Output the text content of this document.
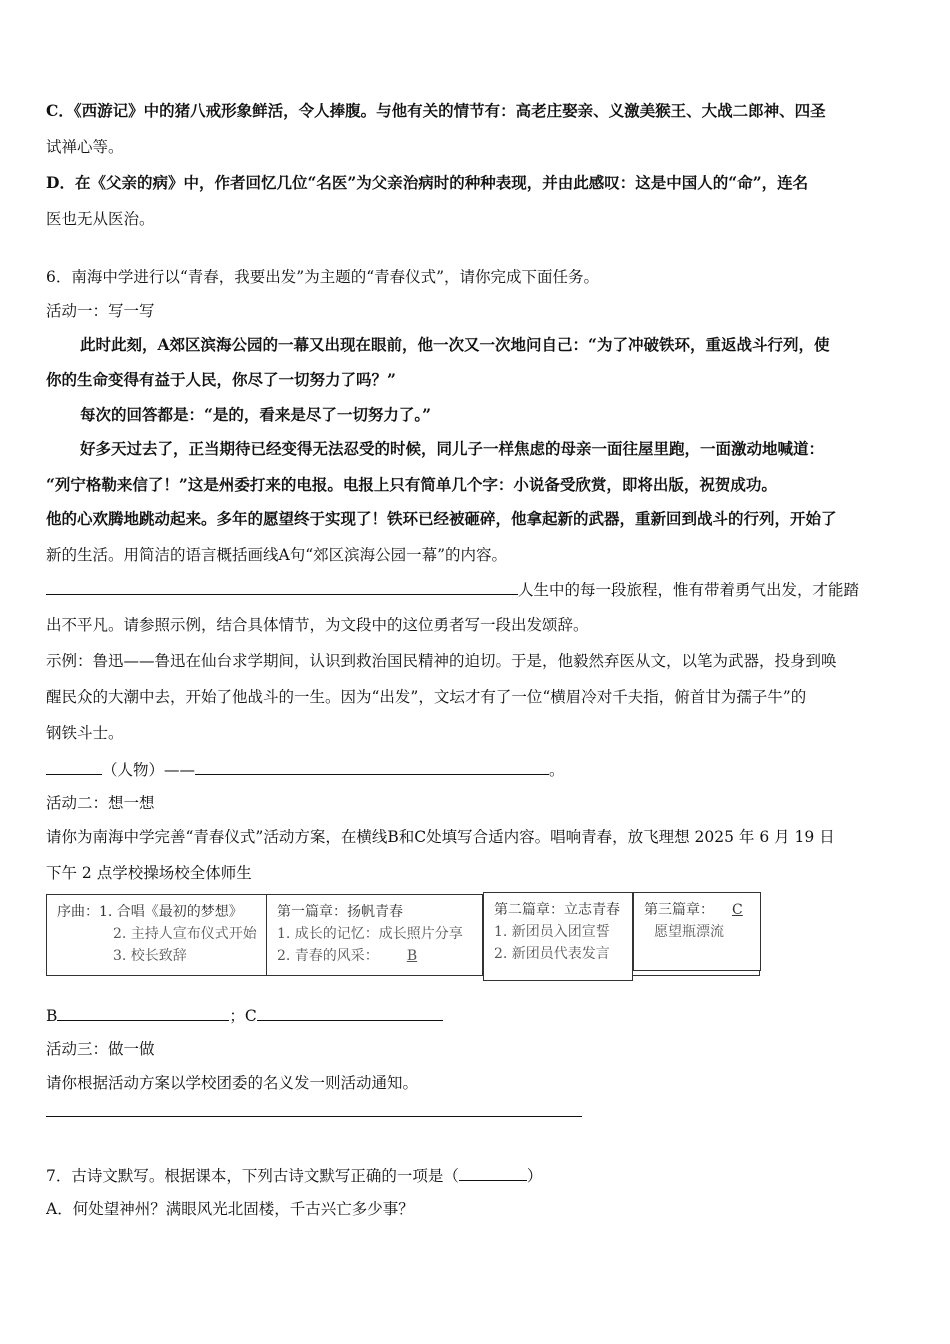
C．《西游记》中的猪八戒形象鲜活，令人捧腹。与他有关的情节有：高老庄娶亲、义激美猴王、大战二郎神、四圣
试禅心等。
D．在《父亲的病》中，作者回忆几位“名医”为父亲治病时的种种表现，并由此感叹：这是中国人的“命”，连名
医也无从医治。
6．南海中学进行以“青春，我要出发”为主题的“青春仪式”，请你完成下面任务。
活动一：写一写
此时此刻，A郊区滨海公园的一幕又出现在眼前，他一次又一次地问自己：“为了冲破铁环，重返战斗行列，使
你的生命变得有益于人民，你尽了一切努力了吗？”
每次的回答都是：“是的，看来是尽了一切努力了。”
好多天过去了，正当期待已经变得无法忍受的时候，同儿子一样焦虑的母亲一面往屋里跑，一面激动地喊道：
“列宁格勒来信了！”这是州委打来的电报。电报上只有简单几个字：小说备受欣赏，即将出版，祝贺成功。
他的心欢腾地跳动起来。多年的愿望终于实现了！铁环已经被砸碎，他拿起新的武器，重新回到战斗的行列，开始了
新的生活。用简洁的语言概括画线A句“郊区滨海公园一幕”的内容。
人生中的每一段旅程，惟有带着勇气出发，才能踏
出不平凡。请参照示例，结合具体情节，为文段中的这位勇者写一段出发颂辞。
示例：鲁迅——鲁迅在仙台求学期间，认识到救治国民精神的迫切。于是，他毅然弃医从文，以笔为武器，投身到唤
醒民众的大潮中去，开始了他战斗的一生。因为“出发”，文坛才有了一位“横眉冷对千夫指，俯首甘为孺子牛”的
钢铁斗士。
（人物）——	。
活动二：想一想
请你为南海中学完善“青春仪式”活动方案，在横线B和C处填写合适内容。唱响青春，放飞理想 2025 年 6 月 19 日
下午 2 点学校操场校全体师生
序曲：1. 合唱《最初的梦想》
2. 主持人宣布仪式开始
3. 校长致辞
第一篇章：扬帆青春
1. 成长的记忆：成长照片分享
2. 青春的风采： B
第二篇章：立志青春
1. 新团员入团宣誓
2. 新团员代表发言
第三篇章： C
愿望瓶漂流
B	；C
活动三：做一做
请你根据活动方案以学校团委的名义发一则活动通知。
7．古诗文默写。根据课本，下列古诗文默写正确的一项是（	）
A．何处望神州？满眼风光北固楼，千古兴亡多少事？
